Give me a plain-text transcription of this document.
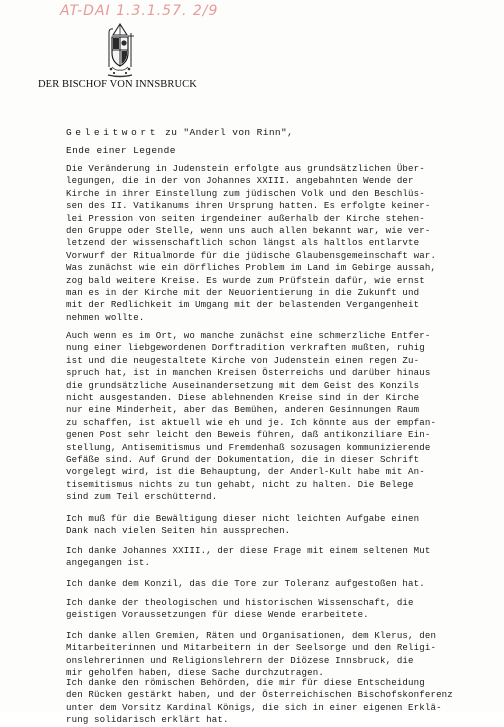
AT-DAI 1.3.1.57. 2/9
DER BISCHOF VON INNSBRUCK
Geleitwort zu "Anderl von Rinn",
Ende einer Legende

Die Veränderung in Judenstein erfolgte aus grundsätzlichen Über-
legungen, die in der von Johannes XXIII. angebahnten Wende der
Kirche in ihrer Einstellung zum jüdischen Volk und den Beschlüs-
sen des II. Vatikanums ihren Ursprung hatten. Es erfolgte keiner-
lei Pression von seiten irgendeiner außerhalb der Kirche stehen-
den Gruppe oder Stelle, wenn uns auch allen bekannt war, wie ver-
letzend der wissenschaftlich schon längst als haltlos entlarvte
Vorwurf der Ritualmorde für die jüdische Glaubensgemeinschaft war.
Was zunächst wie ein dörfliches Problem im Land im Gebirge aussah,
zog bald weitere Kreise. Es wurde zum Prüfstein dafür, wie ernst
man es in der Kirche mit der Neuorientierung in die Zukunft und
mit der Redlichkeit im Umgang mit der belastenden Vergangenheit
nehmen wollte.

Auch wenn es im Ort, wo manche zunächst eine schmerzliche Entfer-
nung einer liebgewordenen Dorftradition verkraften mußten, ruhig
ist und die neugestaltete Kirche von Judenstein einen regen Zu-
spruch hat, ist in manchen Kreisen Österreichs und darüber hinaus
die grundsätzliche Auseinandersetzung mit dem Geist des Konzils
nicht ausgestanden. Diese ablehnenden Kreise sind in der Kirche
nur eine Minderheit, aber das Bemühen, anderen Gesinnungen Raum
zu schaffen, ist aktuell wie eh und je. Ich könnte aus der empfan-
genen Post sehr leicht den Beweis führen, daß antikonziliare Ein-
stellung, Antisemitismus und Fremdenhaß sozusagen kommunizierende
Gefäße sind. Auf Grund der Dokumentation, die in dieser Schrift
vorgelegt wird, ist die Behauptung, der Anderl-Kult habe mit An-
tisemitismus nichts zu tun gehabt, nicht zu halten. Die Belege
sind zum Teil erschütternd.

Ich muß für die Bewältigung dieser nicht leichten Aufgabe einen
Dank nach vielen Seiten hin aussprechen.

Ich danke Johannes XXIII., der diese Frage mit einem seltenen Mut
angegangen ist.

Ich danke dem Konzil, das die Tore zur Toleranz aufgestoßen hat.

Ich danke der theologischen und historischen Wissenschaft, die
geistigen Voraussetzungen für diese Wende erarbeitete.

Ich danke allen Gremien, Räten und Organisationen, dem Klerus, den
Mitarbeiterinnen und Mitarbeitern in der Seelsorge und den Religi-
onslehrerinnen und Religionslehrern der Diözese Innsbruck, die
mir geholfen haben, diese Sache durchzutragen.

Ich danke den römischen Behörden, die mir für diese Entscheidung
den Rücken gestärkt haben, und der Österreichischen Bischofskonferenz
unter dem Vorsitz Kardinal Königs, die sich in einer eigenen Erklä-
rung solidarisch erklärt hat.
